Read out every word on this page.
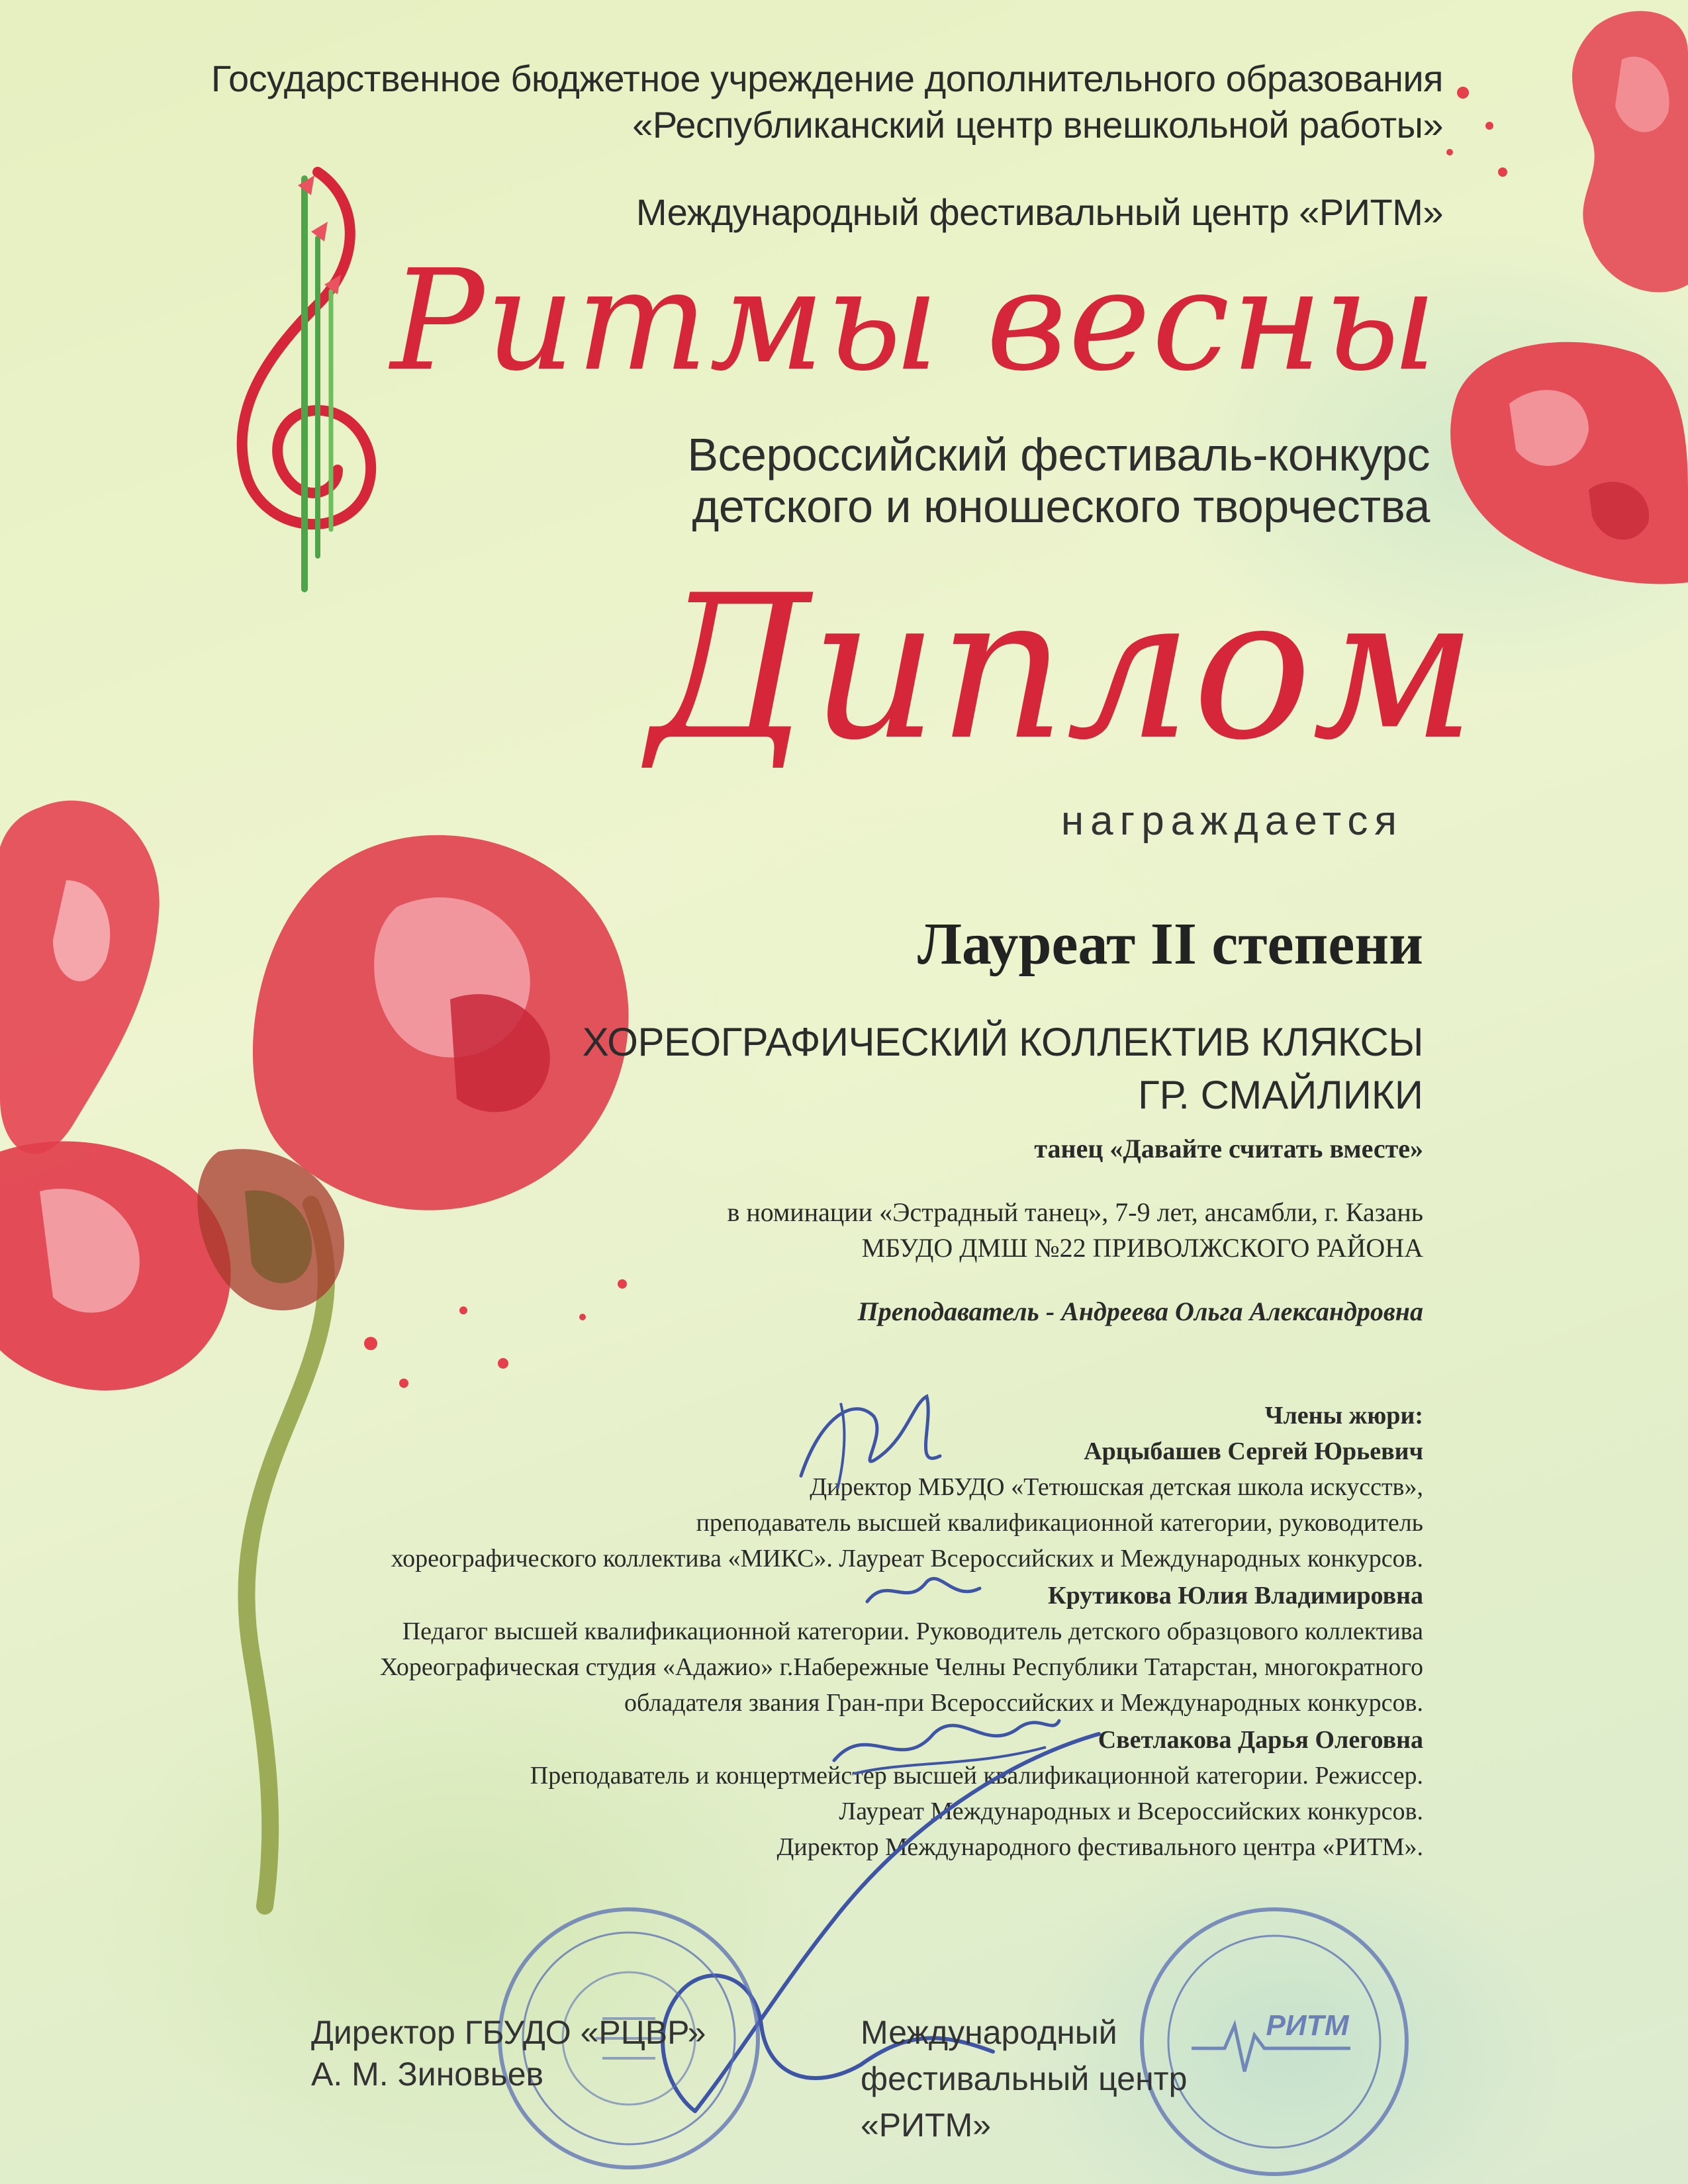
Государственное бюджетное учреждение дополнительного образования
«Республиканский центр внешкольной работы»
Международный фестивальный центр «РИТМ»
Ритмы весны
Всероссийский фестиваль-конкурс
детского и юношеского творчества
Диплом
награждается
Лауреат II степени
ХОРЕОГРАФИЧЕСКИЙ КОЛЛЕКТИВ КЛЯКСЫ
ГР. СМАЙЛИКИ
танец «Давайте считать вместе»
в номинации «Эстрадный танец», 7-9 лет, ансамбли, г. Казань
МБУДО ДМШ №22 ПРИВОЛЖСКОГО РАЙОНА
Преподаватель - Андреева Ольга Александровна
Члены жюри:
Арцыбашев Сергей Юрьевич
Директор МБУДО «Тетюшская детская школа искусств»,
преподаватель высшей квалификационной категории, руководитель
хореографического коллектива «МИКС». Лауреат Всероссийских и Международных конкурсов.
Крутикова Юлия Владимировна
Педагог высшей квалификационной категории. Руководитель детского образцового коллектива
Хореографическая студия «Адажио» г.Набережные Челны Республики Татарстан, многократного
обладателя звания Гран-при Всероссийских и Международных конкурсов.
Светлакова Дарья Олеговна
Преподаватель и концертмейстер высшей квалификационной категории. Режиссер.
Лауреат Международных и Всероссийских конкурсов.
Директор Международного фестивального центра «РИТМ».
РИТМ
Директор ГБУДО «РЦВР»
А. М. Зиновьев
Международный
фестивальный центр
«РИТМ»
